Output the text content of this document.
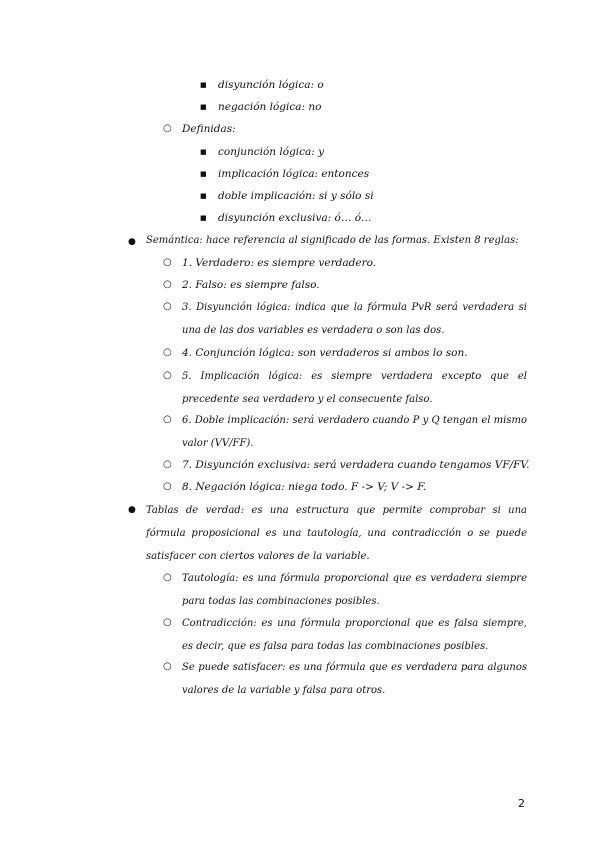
■ disyunción lógica: o
■ negación lógica: no
○ Definidas:
■ conjunción lógica: y
■ implicación lógica: entonces
■ doble implicación: si y sólo si
■ disyunción exclusiva: ó… ó…
● Semántica: hace referencia al significado de las formas. Existen 8 reglas:
○ 1. Verdadero: es siempre verdadero.
○ 2. Falso: es siempre falso.
○ 3. Disyunción lógica: indica que la fórmula PvR será verdadera si una de las dos variables es verdadera o son las dos.
○ 4. Conjunción lógica: son verdaderos si ambos lo son.
○ 5. Implicación lógica: es siempre verdadera excepto que el precedente sea verdadero y el consecuente falso.
○ 6. Doble implicación: será verdadero cuando P y Q tengan el mismo valor (VV/FF).
○ 7. Disyunción exclusiva: será verdadera cuando tengamos VF/FV.
○ 8. Negación lógica: niega todo. F -> V; V -> F.
● Tablas de verdad: es una estructura que permite comprobar si una fórmula proposicional es una tautología, una contradicción o se puede satisfacer con ciertos valores de la variable.
○ Tautología: es una fórmula proporcional que es verdadera siempre para todas las combinaciones posibles.
○ Contradicción: es una fórmula proporcional que es falsa siempre, es decir, que es falsa para todas las combinaciones posibles.
○ Se puede satisfacer: es una fórmula que es verdadera para algunos valores de la variable y falsa para otros.
2
